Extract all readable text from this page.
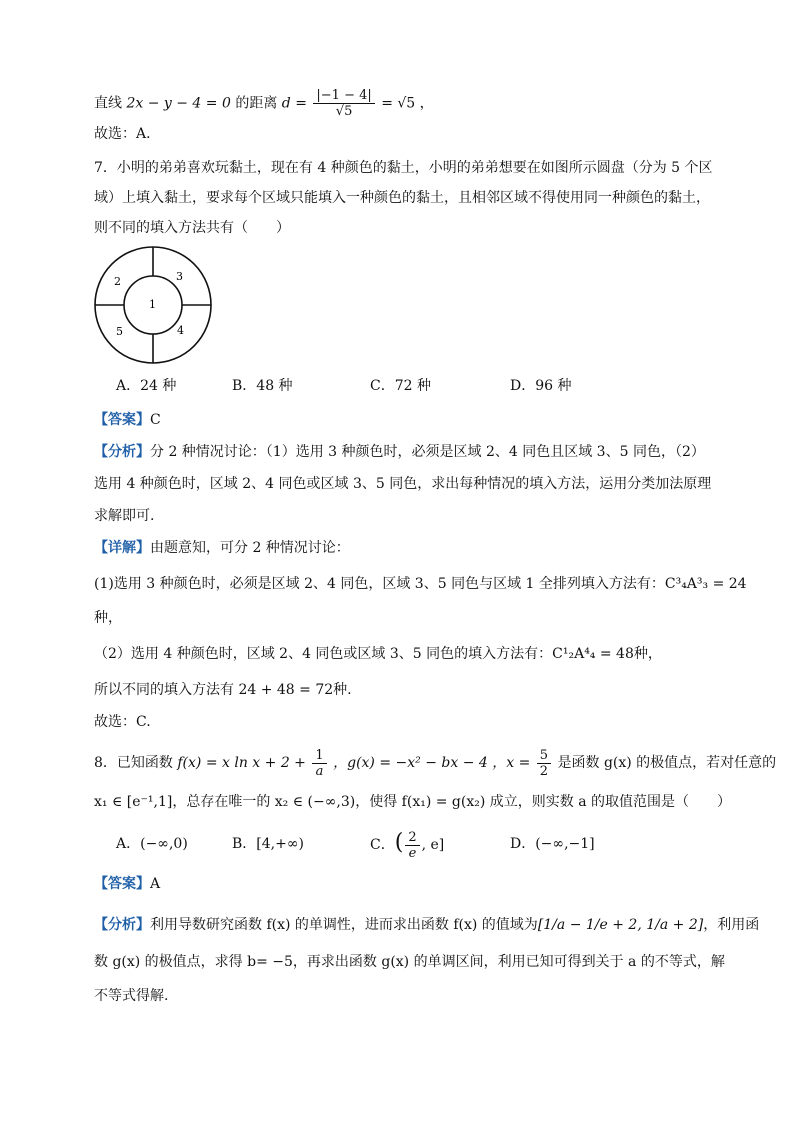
直线 2x − y − 4 = 0 的距离 $d = \frac{|-1 - 4|}{√5} = √5$ ，
故选：A．
7．小明的弟弟喜欢玩黏土，现在有 4 种颜色的黏土，小明的弟弟想要在如图所示圆盘（分为 5 个区
域）上填入黏土，要求每个区域只能填入一种颜色的黏土，且相邻区域不得使用同一种颜色的黏土，
则不同的填入方法共有（　　）
1
2	3
4
5
A．24 种	B．48 种	C．72 种	D．96 种
【答案】C
【分析】分 2 种情况讨论：（1）选用 3 种颜色时，必须是区域 2、4 同色且区域 3、5 同色，（2）
选用 4 种颜色时，区域 2、4 同色或区域 3、5 同色，求出每种情况的填入方法，运用分类加法原理
求解即可.
【详解】由题意知，可分 2 种情况讨论：
(1)选用 3 种颜色时，必须是区域 2、4 同色，区域 3、5 同色与区域 1 全排列填入方法有：C³₄A³₃ = 24
种，
（2）选用 4 种颜色时，区域 2、4 同色或区域 3、5 同色的填入方法有：C¹₂A⁴₄ = 48种，
所以不同的填入方法有 24 + 48 = 72种.
故选：C.
8．已知函数 f(x) = x $\ln x + 2 + \frac{1}{a}$ ，g(x) = −x² − bx − 4 ，$x = \frac{5}{2}$ 是函数 g(x) 的极值点，若对任意的
x₁ ∈ [e⁻¹,1]，总存在唯一的 x₂ ∈ (−∞,3)，使得 f(x₁) = g(x₂) 成立，则实数 a 的取值范围是（　　）
A．(−∞,0)	B．[4,+∞)	C．( $\frac{2}{e}$ , e]	D．(−∞,−1]
【答案】A
【分析】利用导数研究函数 f(x) 的单调性，进而求出函数 f(x) 的值域为[1/a − 1/e + 2, 1/a + 2]，利用函
数 g(x) 的极值点，求得 b= −5，再求出函数 g(x) 的单调区间，利用已知可得到关于 a 的不等式，解
不等式得解.
